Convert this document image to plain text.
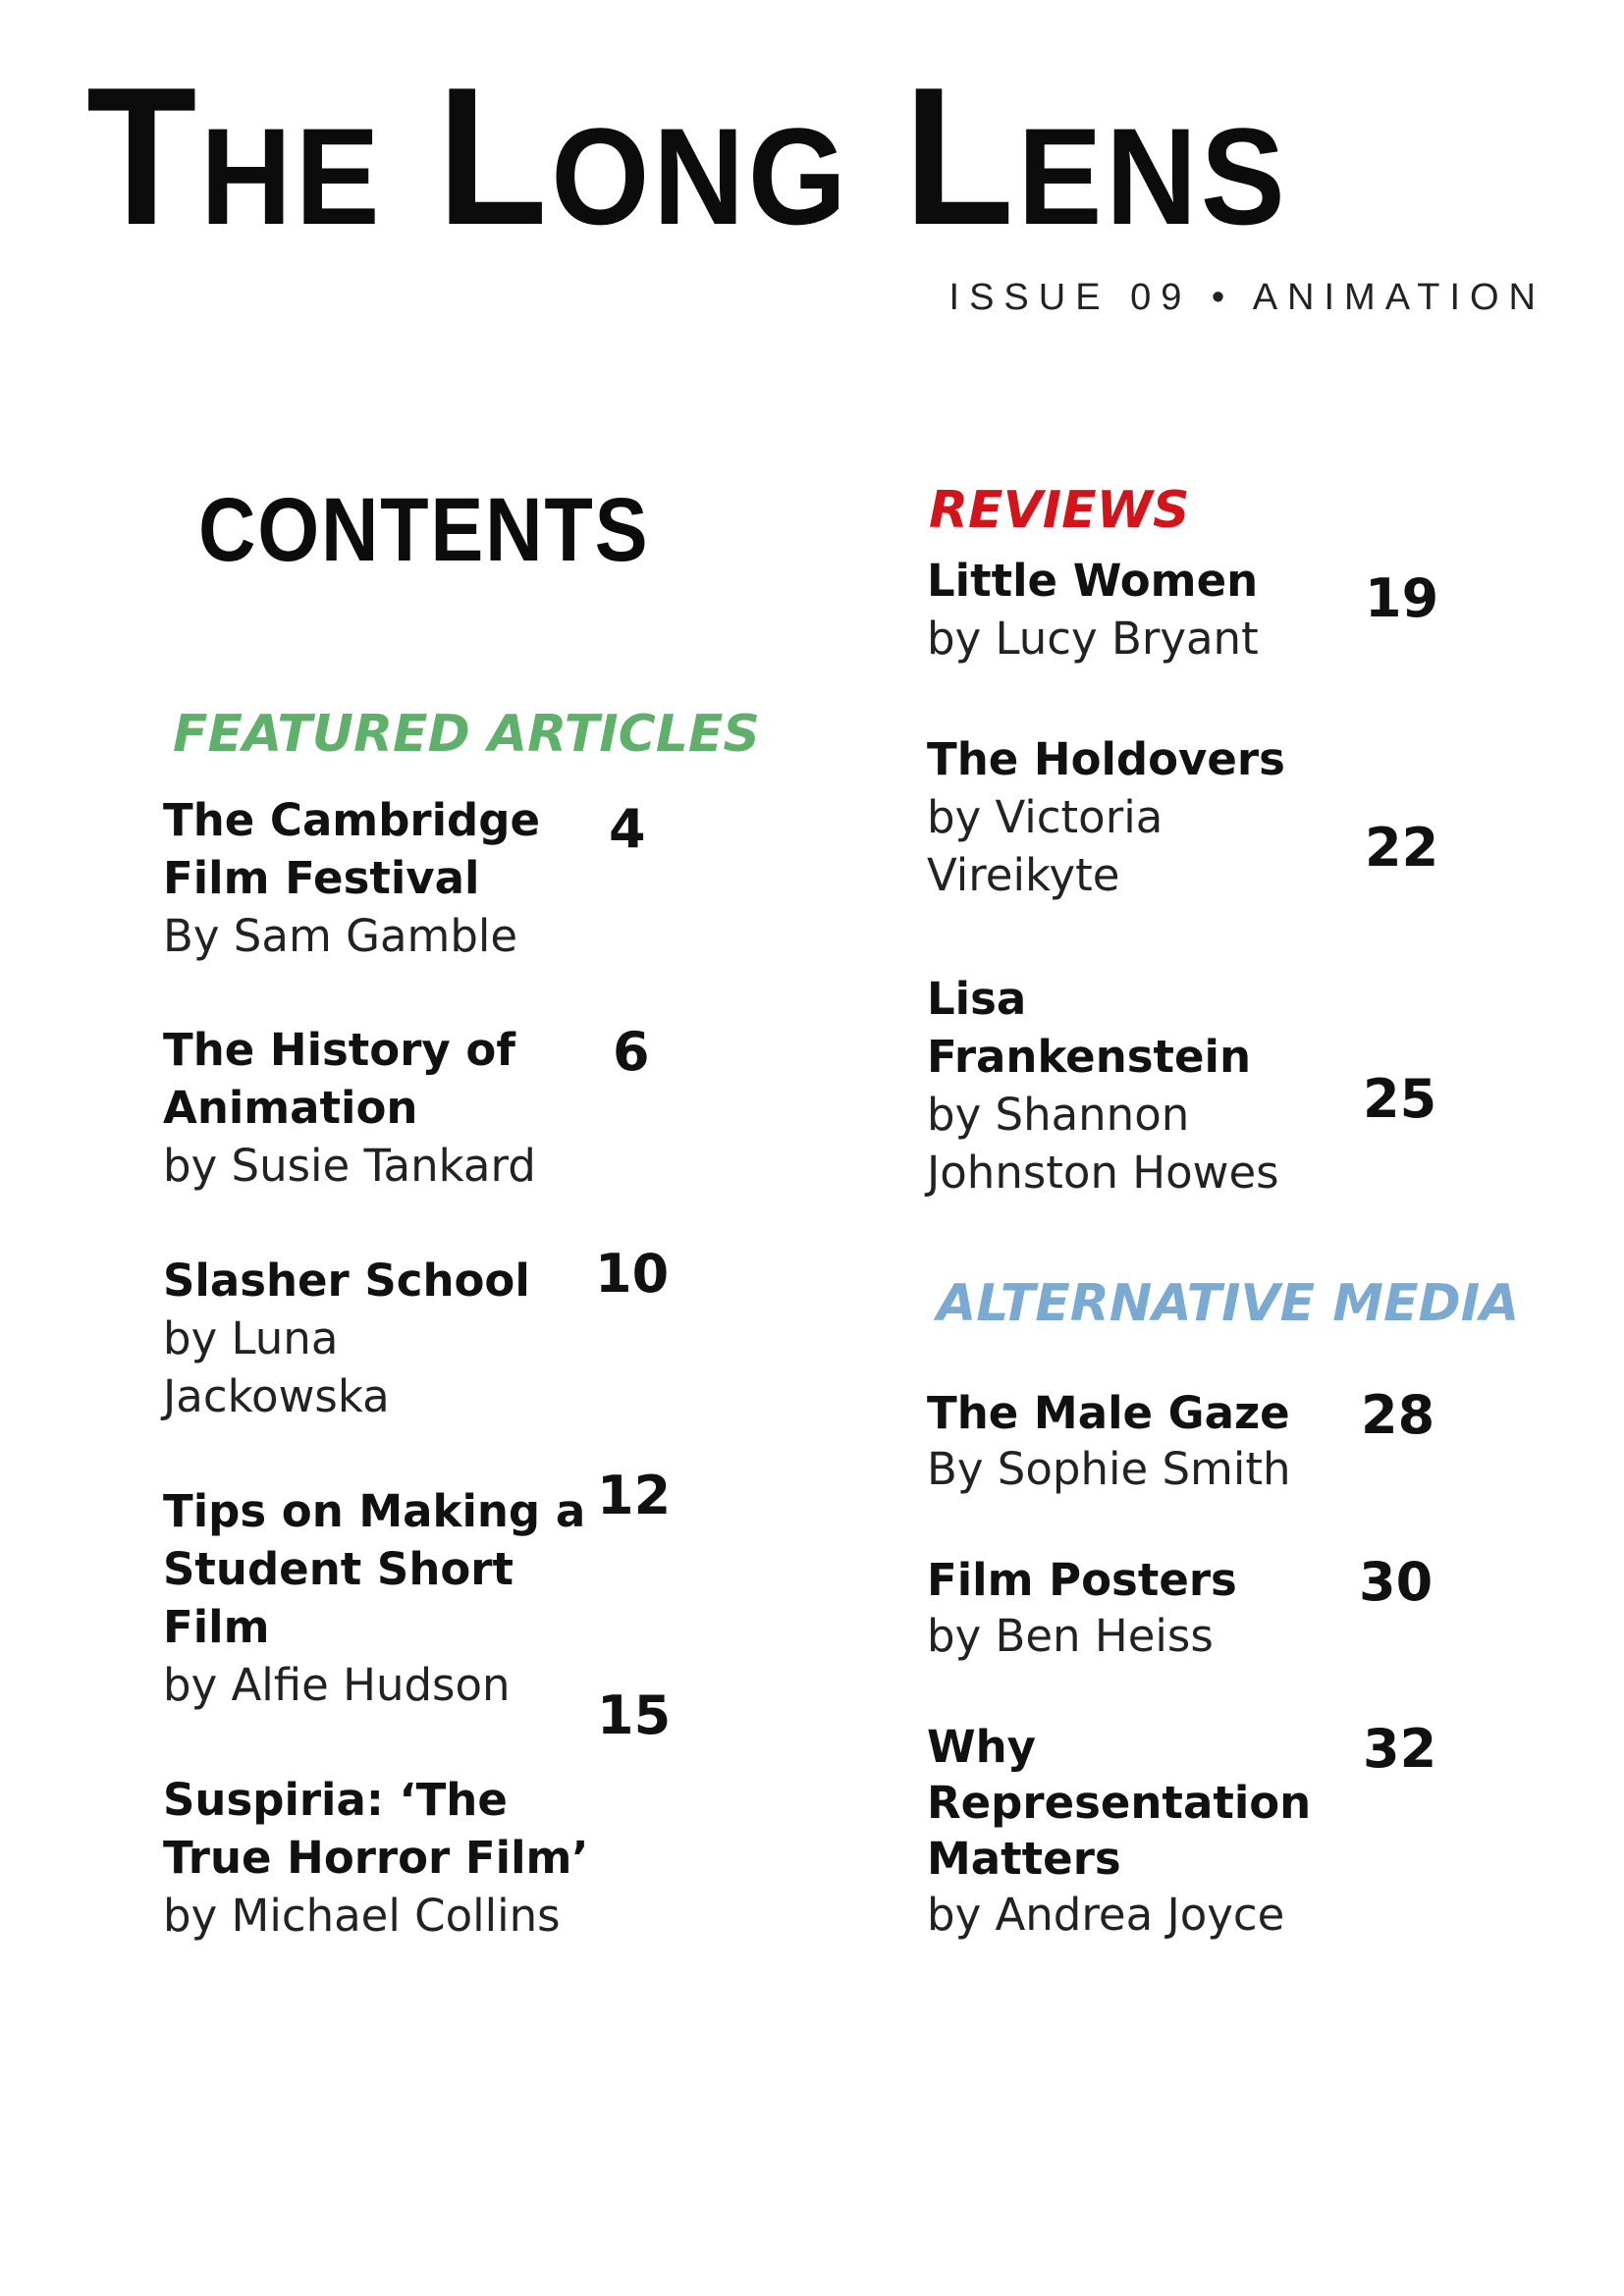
The Long Lens
ISSUE 09 • ANIMATION
CONTENTS
FEATURED ARTICLES
The Cambridge
Film Festival
By Sam Gamble
4
The History of
Animation
by Susie Tankard
6
Slasher School
by Luna
Jackowska
10
Tips on Making a
Student Short
Film
by Alfie Hudson
12
15
Suspiria: ‘The
True Horror Film’
by Michael Collins
REVIEWS
Little Women
by Lucy Bryant
19
The Holdovers
by Victoria
Vireikyte	22
Lisa
Frankenstein
by Shannon
Johnston Howes
25
ALTERNATIVE MEDIA
The Male Gaze
By Sophie Smith
28
Film Posters
by Ben Heiss
30
Why
Representation
Matters
by Andrea Joyce
32
